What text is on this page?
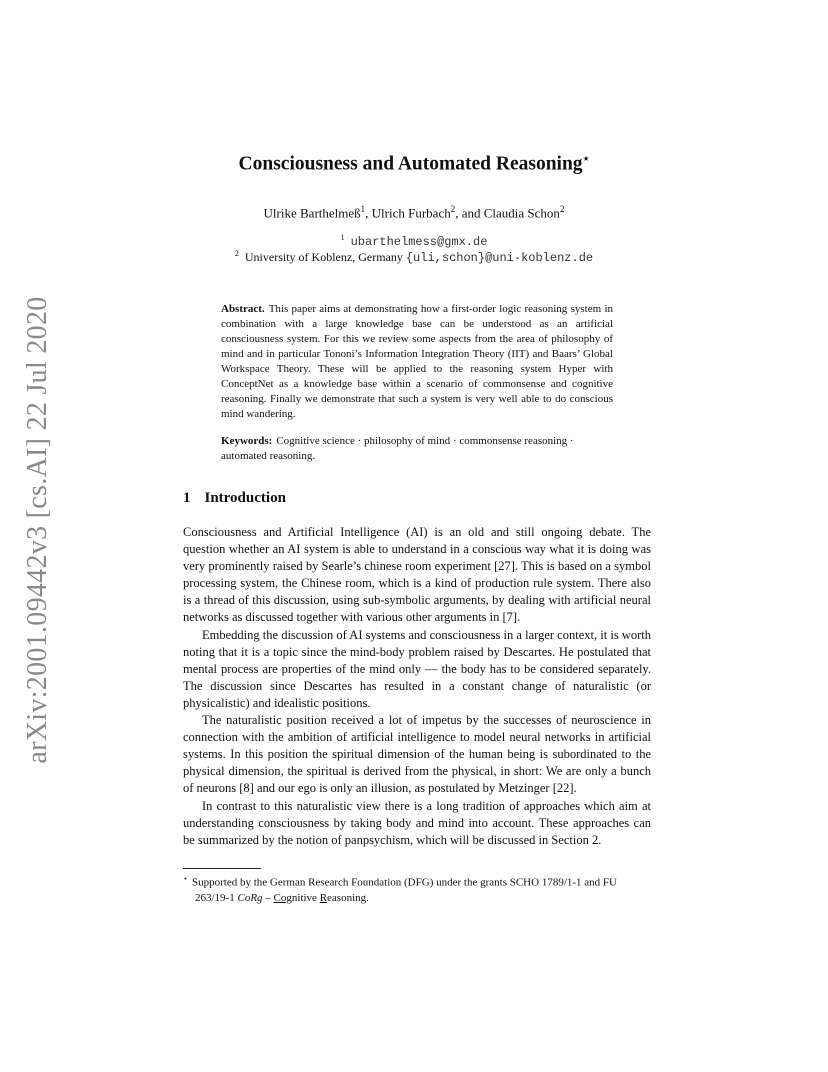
arXiv:2001.09442v3 [cs.AI] 22 Jul 2020
Consciousness and Automated Reasoning⋆
Ulrike Barthelmeß$^1$, Ulrich Furbach$^2$, and Claudia Schon$^2$
$^1$ ubarthelmess@gmx.de
$^2$ University of Koblenz, Germany {uli,schon}@uni-koblenz.de
Abstract. This paper aims at demonstrating how a first-order logic reasoning system in combination with a large knowledge base can be understood as an artificial consciousness system. For this we review some aspects from the area of philosophy of mind and in particular Tononi’s Information Integration Theory (IIT) and Baars’ Global Workspace Theory. These will be applied to the reasoning system Hyper with ConceptNet as a knowledge base within a scenario of commonsense and cognitive reasoning. Finally we demonstrate that such a system is very well able to do conscious mind wandering.
Keywords: Cognitive science · philosophy of mind · commonsense reasoning · automated reasoning.
1 Introduction

Consciousness and Artificial Intelligence (AI) is an old and still ongoing debate. The question whether an AI system is able to understand in a conscious way what it is doing was very prominently raised by Searle’s chinese room experiment [27]. This is based on a symbol processing system, the Chinese room, which is a kind of production rule system. There also is a thread of this discussion, using sub-symbolic arguments, by dealing with artificial neural networks as discussed together with various other arguments in [7].

Embedding the discussion of AI systems and consciousness in a larger context, it is worth noting that it is a topic since the mind-body problem raised by Descartes. He postulated that mental process are properties of the mind only — the body has to be considered separately. The discussion since Descartes has resulted in a constant change of naturalistic (or physicalistic) and idealistic positions.

The naturalistic position received a lot of impetus by the successes of neuroscience in connection with the ambition of artificial intelligence to model neural networks in artificial systems. In this position the spiritual dimension of the human being is subordinated to the physical dimension, the spiritual is derived from the physical, in short: We are only a bunch of neurons [8] and our ego is only an illusion, as postulated by Metzinger [22].

In contrast to this naturalistic view there is a long tradition of approaches which aim at understanding consciousness by taking body and mind into account. These approaches can be summarized by the notion of panpsychism, which will be discussed in Section 2.

⋆ Supported by the German Research Foundation (DFG) under the grants SCHO 1789/1-1 and FU 263/19-1 CoRg – Cognitive Reasoning.
